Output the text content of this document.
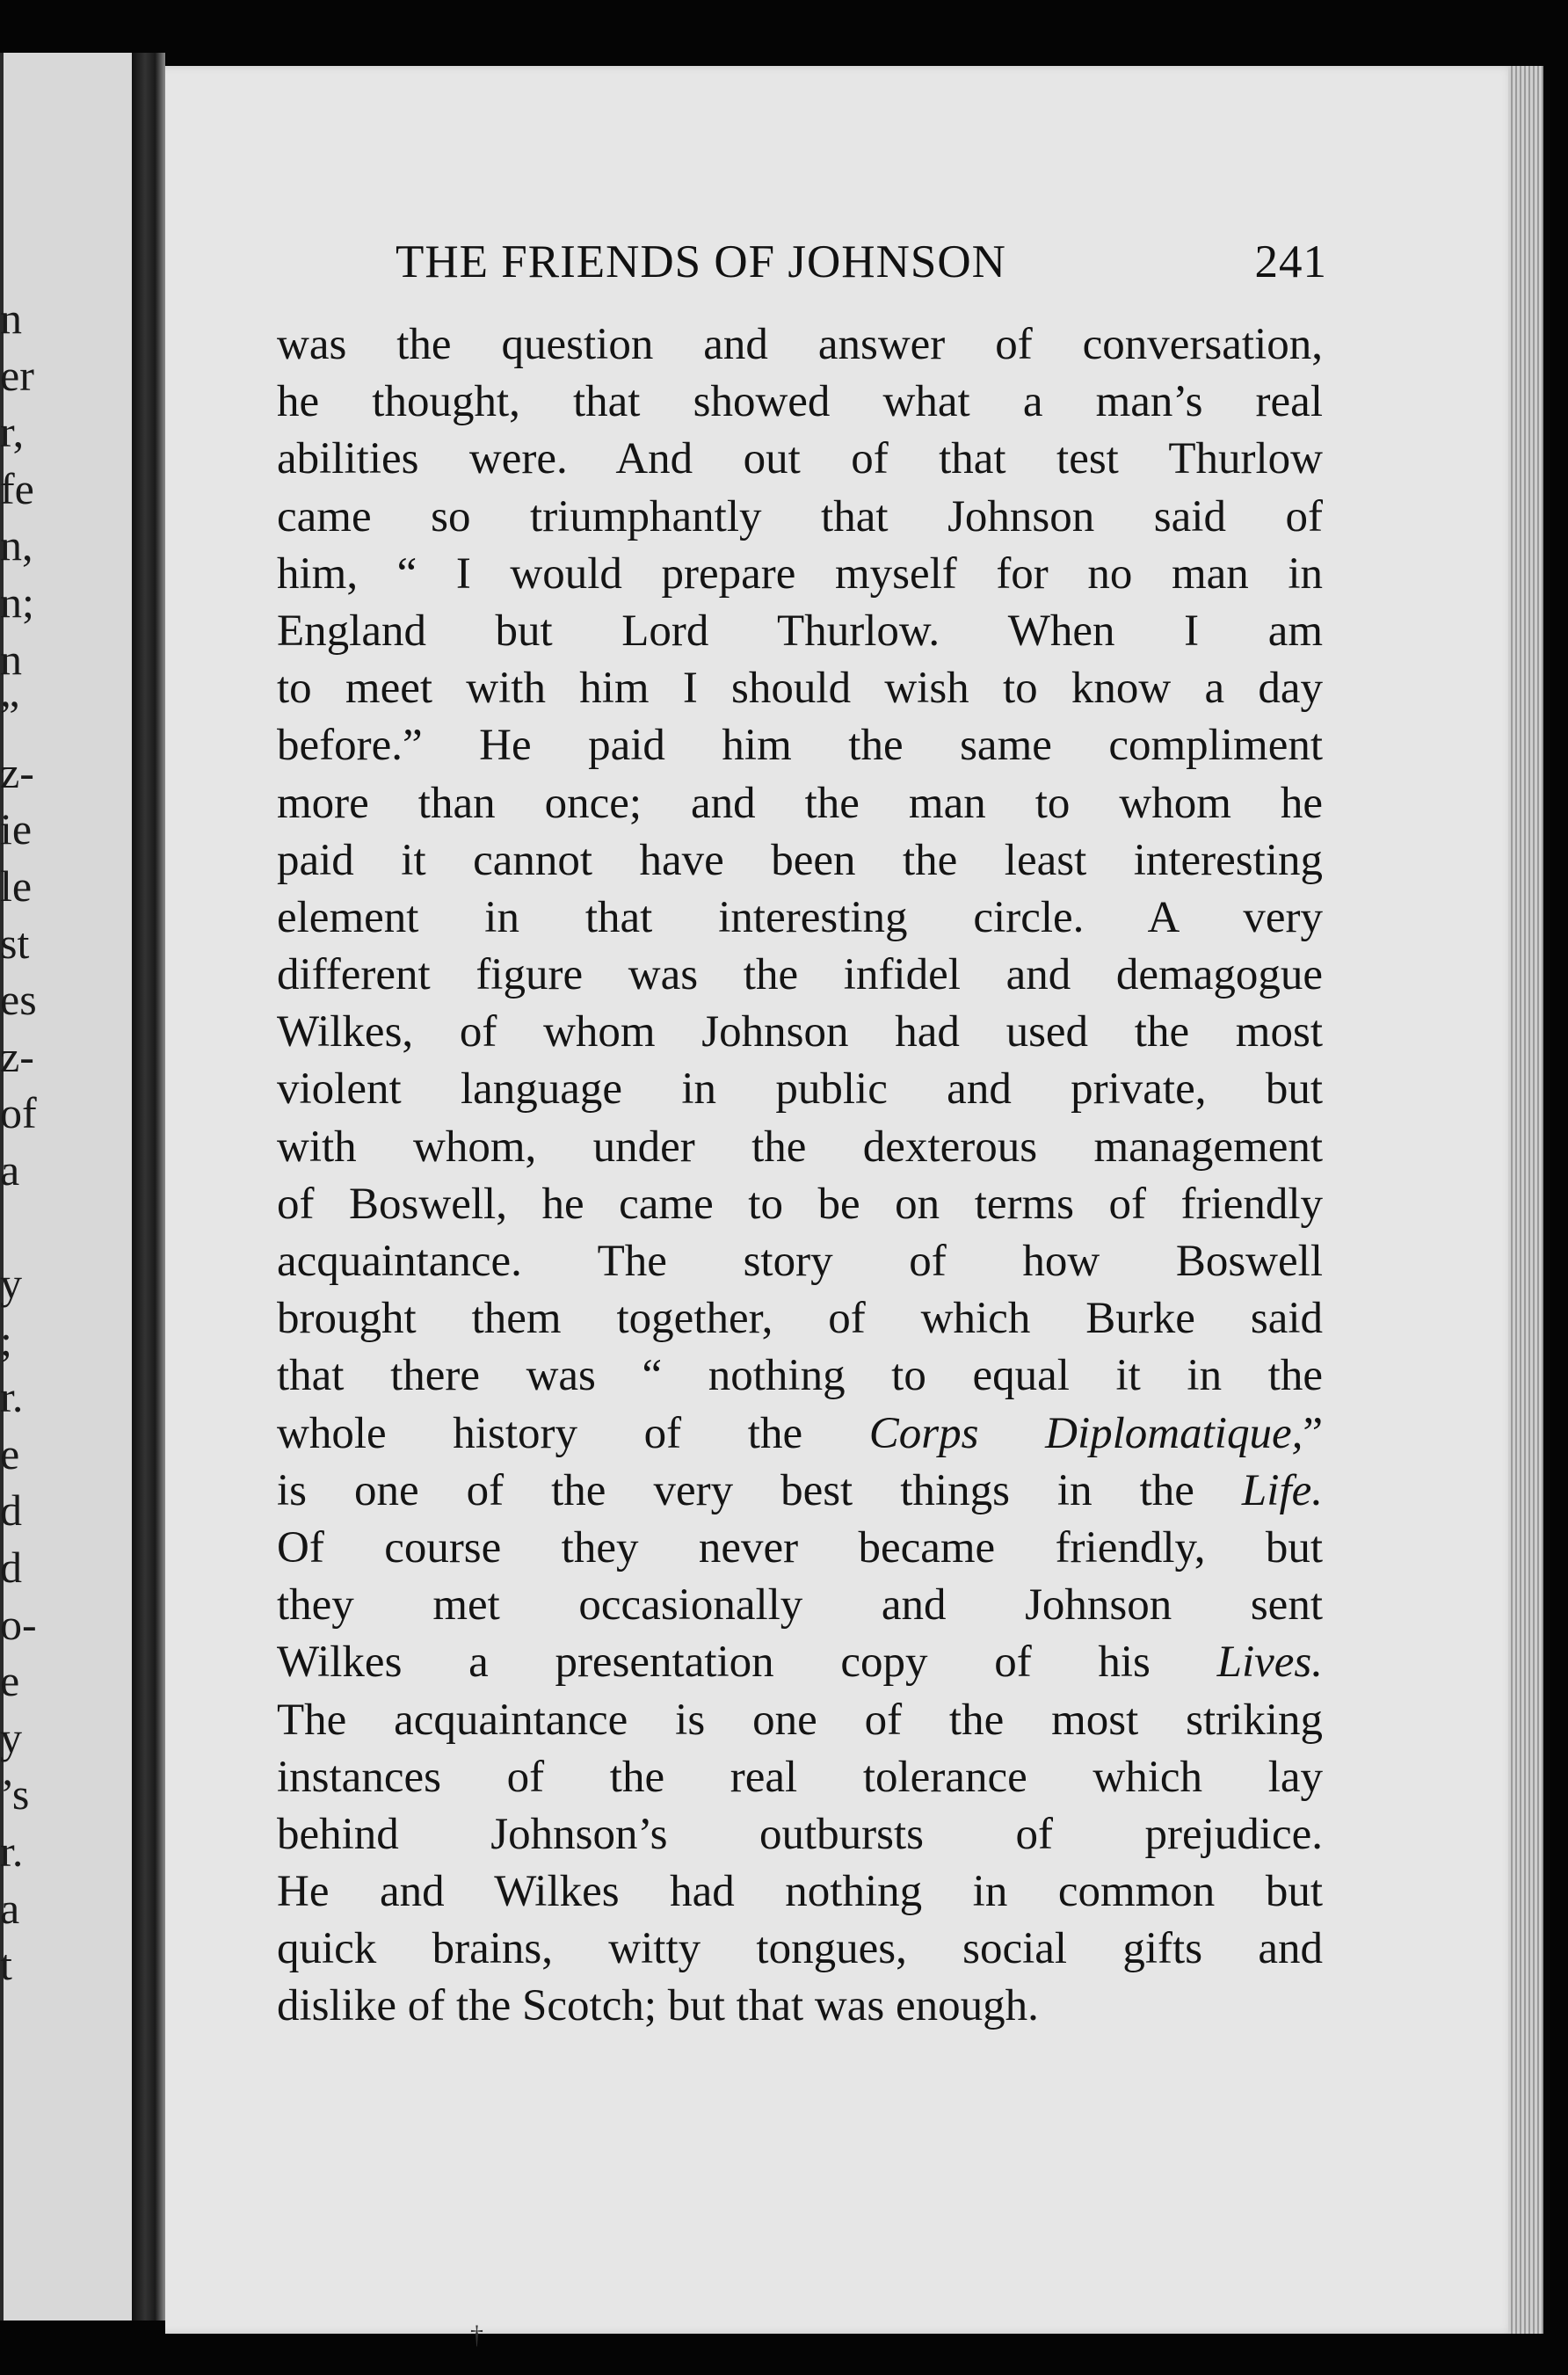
n
er
r,
fe
n,
n;
n
”
z-
ie
le
st
es
z-
of
a
y
;
r.
e
d
d
o-
e
y
’s
r.
a
t
THE FRIENDS OF JOHNSON	241
was the question and answer of conversation,
he thought, that showed what a man’s real
abilities were. And out of that test Thurlow
came so triumphantly that Johnson said of
him, “ I would prepare myself for no man in
England but Lord Thurlow. When I am
to meet with him I should wish to know a day
before.” He paid him the same compliment
more than once; and the man to whom he
paid it cannot have been the least interesting
element in that interesting circle. A very
different figure was the infidel and demagogue
Wilkes, of whom Johnson had used the most
violent language in public and private, but
with whom, under the dexterous management
of Boswell, he came to be on terms of friendly
acquaintance. The story of how Boswell
brought them together, of which Burke said
that there was “ nothing to equal it in the
whole history of the Corps Diplomatique,”
is one of the very best things in the Life.
Of course they never became friendly, but
they met occasionally and Johnson sent
Wilkes a presentation copy of his Lives.
The acquaintance is one of the most striking
instances of the real tolerance which lay
behind Johnson’s outbursts of prejudice.
He and Wilkes had nothing in common but
quick brains, witty tongues, social gifts and
dislike of the Scotch; but that was enough.
†
